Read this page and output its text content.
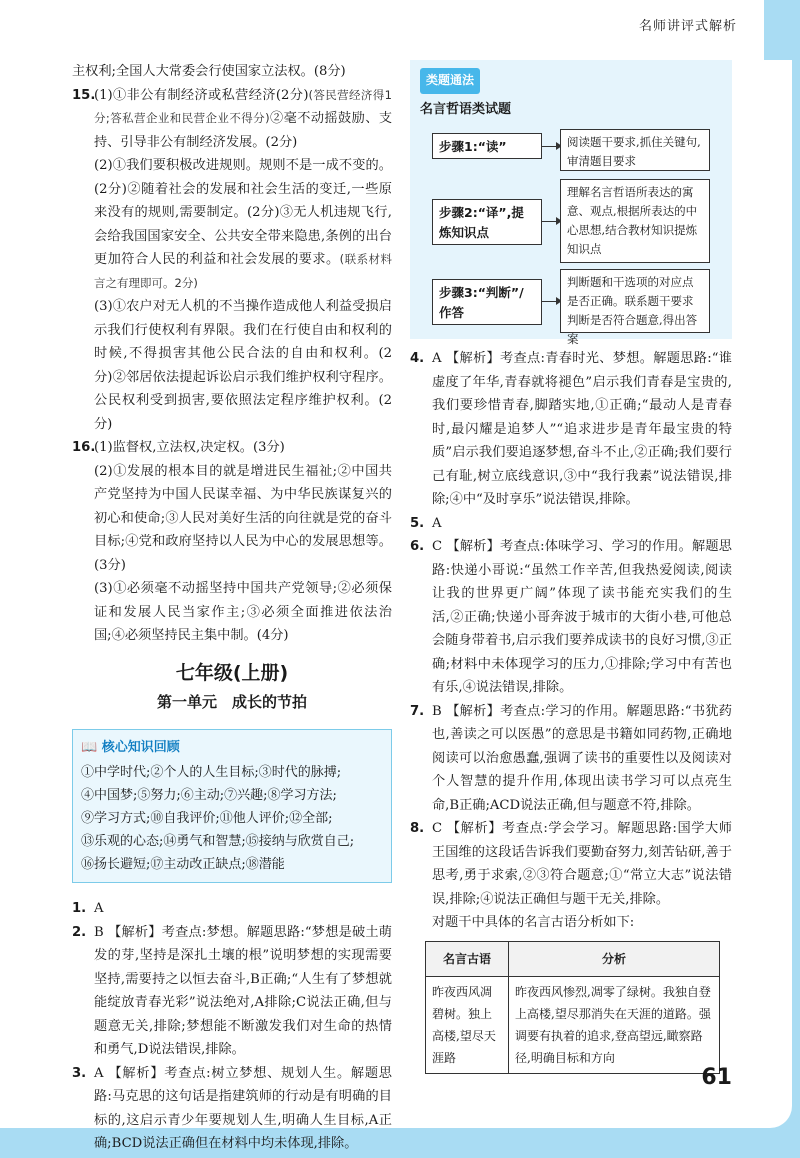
名师讲评式解析

主权利;全国人大常委会行使国家立法权。(8分)

15.(1)①非公有制经济或私营经济(2分)(答民营经济得1分;答私营企业和民营企业不得分)②毫不动摇鼓励、支持、引导非公有制经济发展。(2分)

(2)①我们要积极改进规则。规则不是一成不变的。(2分)②随着社会的发展和社会生活的变迁,一些原来没有的规则,需要制定。(2分)③无人机违规飞行,会给我国国家安全、公共安全带来隐患,条例的出台更加符合人民的利益和社会发展的要求。(联系材料言之有理即可。2分)

(3)①农户对无人机的不当操作造成他人利益受损启示我们行使权利有界限。我们在行使自由和权利的时候,不得损害其他公民合法的自由和权利。(2分)②邻居依法提起诉讼启示我们维护权利守程序。公民权利受到损害,要依照法定程序维护权利。(2分)

16.(1)监督权,立法权,决定权。(3分)

(2)①发展的根本目的就是增进民生福祉;②中国共产党坚持为中国人民谋幸福、为中华民族谋复兴的初心和使命;③人民对美好生活的向往就是党的奋斗目标;④党和政府坚持以人民为中心的发展思想等。(3分)

(3)①必须毫不动摇坚持中国共产党领导;②必须保证和发展人民当家作主;③必须全面推进依法治国;④必须坚持民主集中制。(4分)

七年级(上册)
第一单元　成长的节拍
📖 核心知识回顾

①中学时代;②个人的人生目标;③时代的脉搏;

④中国梦;⑤努力;⑥主动;⑦兴趣;⑧学习方法;

⑨学习方式;⑩自我评价;⑪他人评价;⑫全部;

⑬乐观的心态;⑭勇气和智慧;⑮接纳与欣赏自己;

⑯扬长避短;⑰主动改正缺点;⑱潜能

1. A

2. B 【解析】考查点:梦想。解题思路:“梦想是破土萌发的芽,坚持是深扎土壤的根”说明梦想的实现需要坚持,需要持之以恒去奋斗,B正确;“人生有了梦想就能绽放青春光彩”说法绝对,A排除;C说法正确,但与题意无关,排除;梦想能不断激发我们对生命的热情和勇气,D说法错误,排除。

3. A 【解析】考查点:树立梦想、规划人生。解题思路:马克思的这句话是指建筑师的行动是有明确的目标的,这启示青少年要规划人生,明确人生目标,A正确;BCD说法正确但在材料中均未体现,排除。

类题通法
名言哲语类试题
步骤1:“读”	阅读题干要求,抓住关键句,审清题目要求
步骤2:“译”,提炼知识点
理解名言哲语所表达的寓意、观点,根据所表达的中心思想,结合教材知识提炼知识点
步骤3:“判断”/作答
判断题和干选项的对应点是否正确。联系题干要求判断是否符合题意,得出答案

4. A 【解析】考查点:青春时光、梦想。解题思路:“谁虚度了年华,青春就将褪色”启示我们青春是宝贵的,我们要珍惜青春,脚踏实地,①正确;“最动人是青春时,最闪耀是追梦人”“追求进步是青年最宝贵的特质”启示我们要追逐梦想,奋斗不止,②正确;我们要行己有耻,树立底线意识,③中“我行我素”说法错误,排除;④中“及时享乐”说法错误,排除。

5. A

6. C 【解析】考查点:体味学习、学习的作用。解题思路:快递小哥说:“虽然工作辛苦,但我热爱阅读,阅读让我的世界更广阔”体现了读书能充实我们的生活,②正确;快递小哥奔波于城市的大街小巷,可他总会随身带着书,启示我们要养成读书的良好习惯,③正确;材料中未体现学习的压力,①排除;学习中有苦也有乐,④说法错误,排除。

7. B 【解析】考查点:学习的作用。解题思路:“书犹药也,善读之可以医愚”的意思是书籍如同药物,正确地阅读可以治愈愚蠢,强调了读书的重要性以及阅读对个人智慧的提升作用,体现出读书学习可以点亮生命,B正确;ACD说法正确,但与题意不符,排除。

8. C 【解析】考查点:学会学习。解题思路:国学大师王国维的这段话告诉我们要勤奋努力,刻苦钻研,善于思考,勇于求索,②③符合题意;①“常立大志”说法错误,排除;④说法正确但与题干无关,排除。

对题干中具体的名言古语分析如下:

名言古语	分析
昨夜西风凋碧树。独上高楼,望尽天涯路	昨夜西风惨烈,凋零了绿树。我独自登上高楼,望尽那消失在天涯的道路。强调要有执着的追求,登高望远,瞰察路径,明确目标和方向
61
